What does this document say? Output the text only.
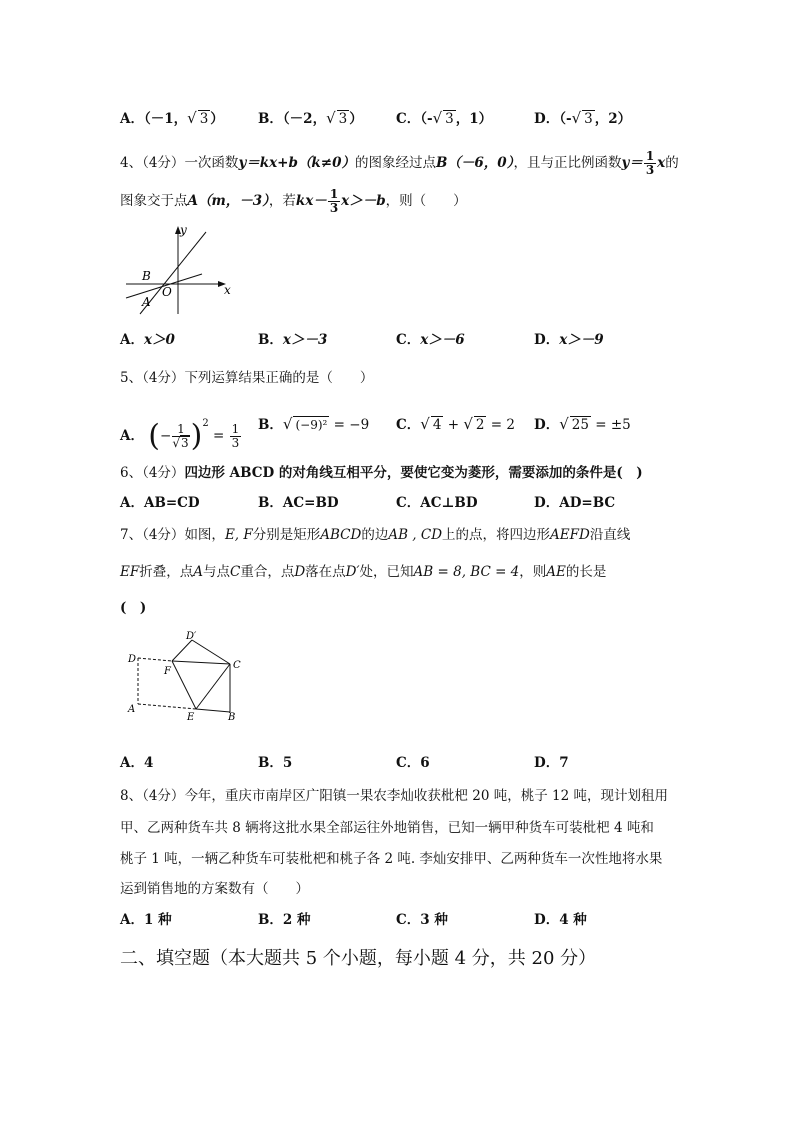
A．（－1，√ 3 ）	B．（－2，√ 3 ） C．（-√ 3 ，1）	D．（-√ 3 ，2）
4、（4分）一次函数y＝kx+b（k≠0）的图象经过点B（－6，0），且与正比例函数$y= \frac{1}{3}$ x的
图象交于点A（m，－3），若$kx- \frac{1}{3} x>-b$，则（　　）
y
x
B
A
O
A．x＞0	B．x＞－3	C．x＞－6	D．x＞－9
5、（4分）下列运算结果正确的是（　　）
A． (− $\frac{1}{√3} )^2 = \frac{1}{3}$ B．√ (−9)² = −9 C．√ 4 + √ 2 = 2 D．√ 25 = ±5
6、（4分）四边形 ABCD 的对角线互相平分，要使它变为菱形，需要添加的条件是(　)
A．AB=CD	B．AC=BD	C．AC⊥BD	D．AD=BC
7、（4分）如图，E, F分别是矩形ABCD的边AB , CD上的点，将四边形AEFD沿直线
EF折叠，点A与点C重合，点D落在点D′处，已知AB = 8, BC = 4，则AE的长是
(　)
D′
D
F
C
A
E	B
A．4	B．5	C．6	D．7
8、（4分）今年，重庆市南岸区广阳镇一果农李灿收获枇杷 20 吨，桃子 12 吨，现计划租用
甲、乙两种货车共 8 辆将这批水果全部运往外地销售，已知一辆甲种货车可装枇杷 4 吨和
桃子 1 吨，一辆乙种货车可装枇杷和桃子各 2 吨. 李灿安排甲、乙两种货车一次性地将水果
运到销售地的方案数有（　　）
A．1 种	B．2 种	C．3 种	D．4 种
二、填空题（本大题共 5 个小题，每小题 4 分，共 20 分）
